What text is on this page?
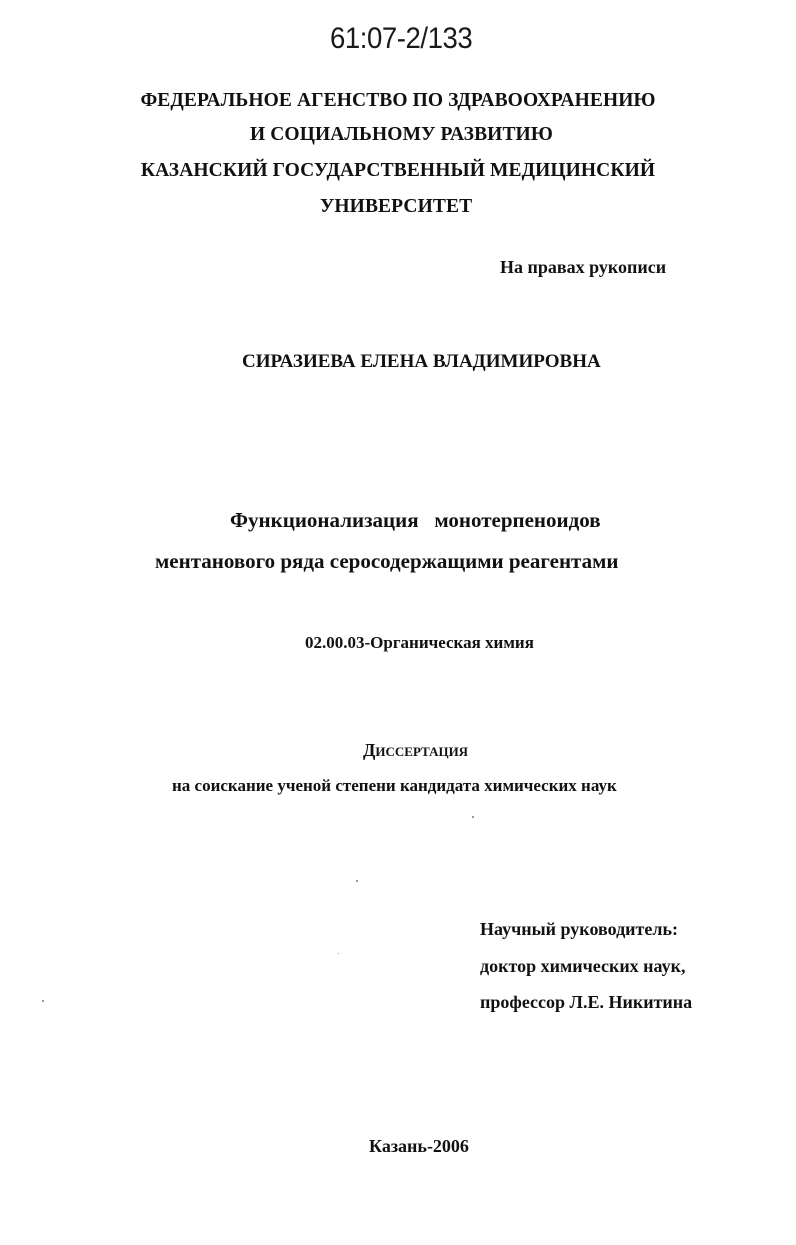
61:07-2/133
ФЕДЕРАЛЬНОЕ АГЕНСТВО ПО ЗДРАВООХРАНЕНИЮ
И СОЦИАЛЬНОМУ РАЗВИТИЮ
КАЗАНСКИЙ ГОСУДАРСТВЕННЫЙ МЕДИЦИНСКИЙ
УНИВЕРСИТЕТ
На правах рукописи
СИРАЗИЕВА ЕЛЕНА ВЛАДИМИРОВНА
Функционализация   монотерпеноидов
ментанового ряда серосодержащими реагентами
02.00.03-Органическая химия
Диссертация
на соискание ученой степени кандидата химических наук
Научный руководитель:
доктор химических наук,
профессор Л.Е. Никитина
Казань-2006
